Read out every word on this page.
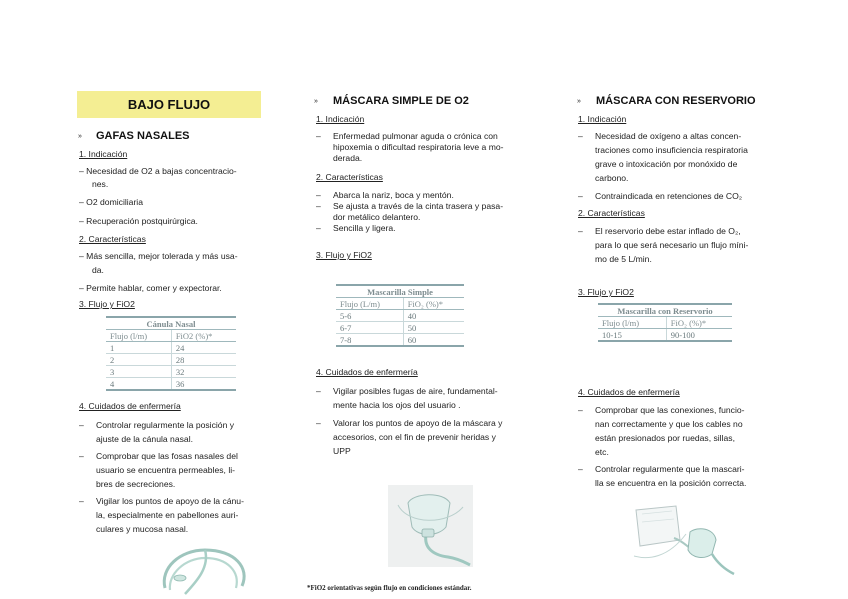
BAJO FLUJO
» GAFAS NASALES
1. Indicación
– Necesidad de O2 a bajas concentracio-
nes.
– O2 domiciliaria
– Recuperación postquirúrgica.
2. Características
– Más sencilla, mejor tolerada y más usa-
da.
– Permite hablar, comer y expectorar.
3. Flujo y FiO2
Cánula Nasal	
Flujo (l/m)	FiO2 (%)*
1	24
2	28
3	32
4	36
4. Cuidados de enfermería
– Controlar regularmente la posición y
ajuste de la cánula nasal.
– Comprobar que las fosas nasales del
usuario se encuentra permeables, li-
bres de secreciones.
– Vigilar los puntos de apoyo de la cánu-
la, especialmente en pabellones auri-
culares y mucosa nasal.
» MÁSCARA SIMPLE DE O2
1. Indicación
– Enfermedad pulmonar aguda o crónica con
hipoxemia o dificultad respiratoria leve a mo-
derada.
2. Características
– Abarca la nariz, boca y mentón.
– Se ajusta a través de la cinta trasera y pasa-
dor metálico delantero.
– Sencilla y ligera.
3. Flujo y FiO2
Mascarilla Simple	
Flujo (L/m)	FiO₂ (%)*
5-6	40
6-7	50
7-8	60
4. Cuidados de enfermería
– Vigilar posibles fugas de aire, fundamental-
mente hacia los ojos del usuario .
– Valorar los puntos de apoyo de la máscara y
accesorios, con el fin de prevenir heridas y
UPP
*FiO2 orientativas según flujo en condiciones estándar.
» MÁSCARA CON RESERVORIO
1. Indicación
– Necesidad de oxígeno a altas concen-
traciones como insuficiencia respiratoria
grave o intoxicación por monóxido de
carbono.
– Contraindicada en retenciones de CO₂
2. Características
– El reservorio debe estar inflado de O₂,
para lo que será necesario un flujo míni-
mo de 5 L/min.
3. Flujo y FiO2
Mascarilla con Reservorio	
Flujo (l/m)	FiO₂ (%)*
10-15	90-100
4. Cuidados de enfermería
– Comprobar que las conexiones, funcio-
nan correctamente y que los cables no
están presionados por ruedas, sillas,
etc.
– Controlar regularmente que la mascari-
lla se encuentra en la posición correcta.
